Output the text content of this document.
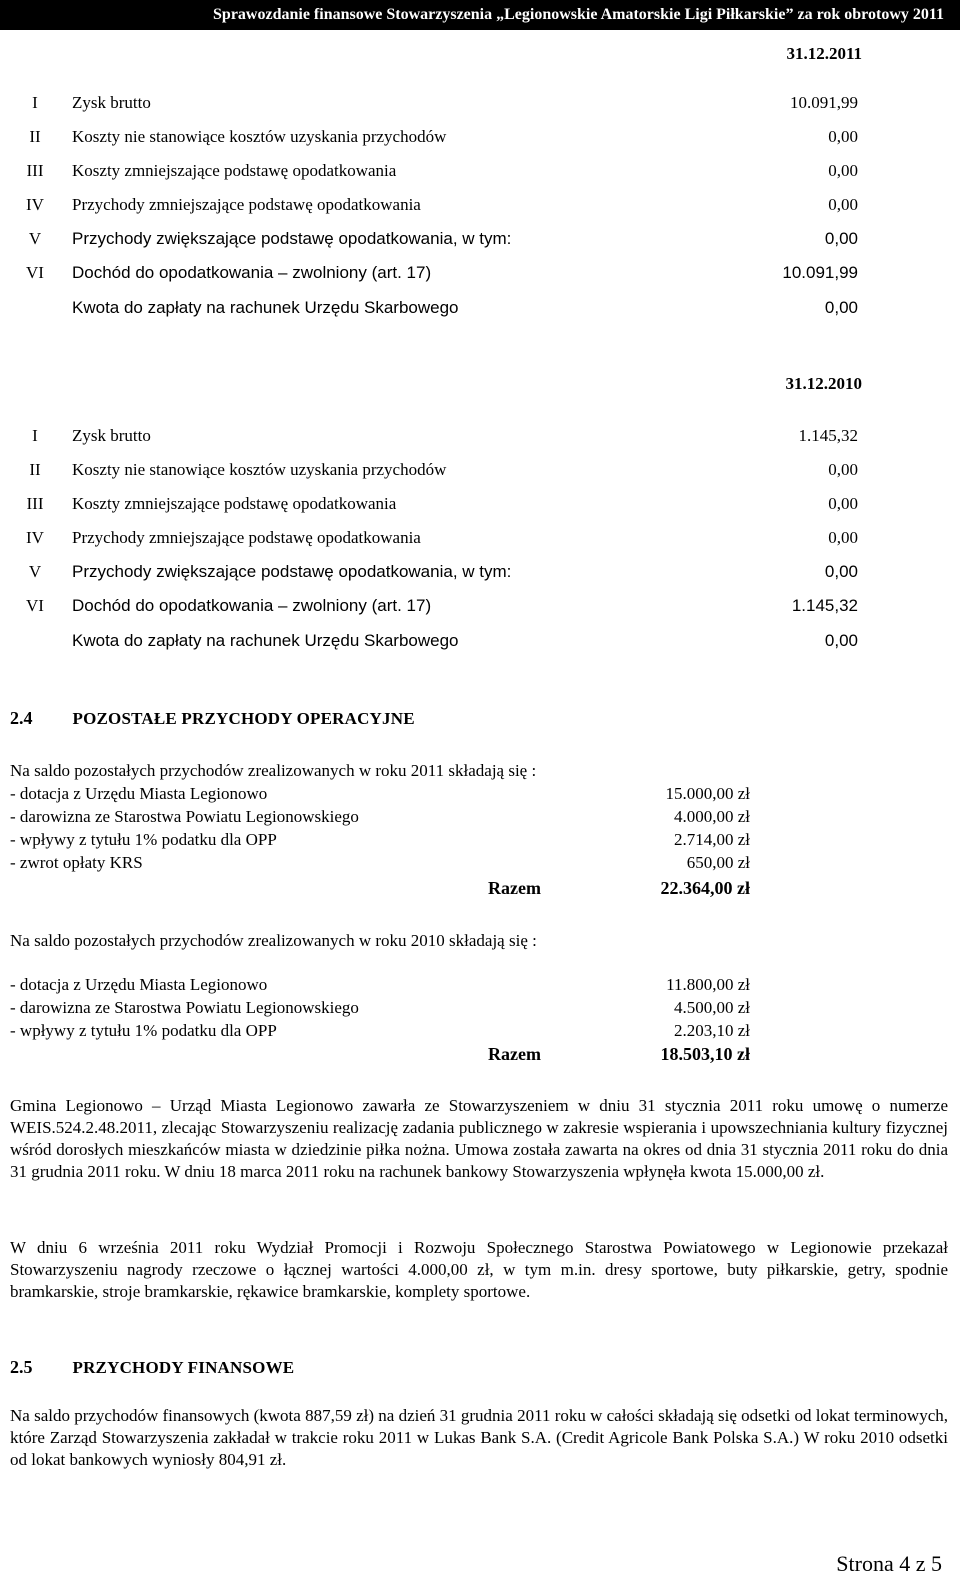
Sprawozdanie finansowe Stowarzyszenia „Legionowskie Amatorskie Ligi Piłkarskie” za rok obrotowy 2011
31.12.2011
I	Zysk brutto	10.091,99
II	Koszty nie stanowiące kosztów uzyskania przychodów	0,00
III	Koszty zmniejszające podstawę opodatkowania	0,00
IV	Przychody zmniejszające podstawę opodatkowania	0,00
V	Przychody zwiększające podstawę opodatkowania, w tym:	0,00
VI	Dochód do opodatkowania – zwolniony (art. 17)	10.091,99
Kwota do zapłaty na rachunek Urzędu Skarbowego	0,00
31.12.2010
I	Zysk brutto	1.145,32
II	Koszty nie stanowiące kosztów uzyskania przychodów	0,00
III	Koszty zmniejszające podstawę opodatkowania	0,00
IV	Przychody zmniejszające podstawę opodatkowania	0,00
V	Przychody zwiększające podstawę opodatkowania, w tym:	0,00
VI	Dochód do opodatkowania – zwolniony (art. 17)	1.145,32
Kwota do zapłaty na rachunek Urzędu Skarbowego	0,00
2.4 POZOSTAŁE PRZYCHODY OPERACYJNE
Na saldo pozostałych przychodów zrealizowanych w roku 2011 składają się :
- dotacja z Urzędu Miasta Legionowo	15.000,00 zł
- darowizna ze Starostwa Powiatu Legionowskiego	4.000,00 zł
- wpływy z tytułu 1% podatku dla OPP	2.714,00 zł
- zwrot opłaty KRS	650,00 zł
Razem	22.364,00 zł
Na saldo pozostałych przychodów zrealizowanych w roku 2010 składają się :
- dotacja z Urzędu Miasta Legionowo	11.800,00 zł
- darowizna ze Starostwa Powiatu Legionowskiego	4.500,00 zł
- wpływy z tytułu 1% podatku dla OPP	2.203,10 zł
Razem	18.503,10 zł
Gmina Legionowo – Urząd Miasta Legionowo zawarła ze Stowarzyszeniem w dniu 31 stycznia 2011 roku umowę o numerze WEIS.524.2.48.2011, zlecając Stowarzyszeniu realizację zadania publicznego w zakresie wspierania i upowszechniania kultury fizycznej wśród dorosłych mieszkańców miasta w dziedzinie piłka nożna. Umowa została zawarta na okres od dnia 31 stycznia 2011 roku do dnia 31 grudnia 2011 roku. W dniu 18 marca 2011 roku na rachunek bankowy Stowarzyszenia wpłynęła kwota 15.000,00 zł.
W dniu 6 września 2011 roku Wydział Promocji i Rozwoju Społecznego Starostwa Powiatowego w Legionowie przekazał Stowarzyszeniu nagrody rzeczowe o łącznej wartości 4.000,00 zł, w tym m.in. dresy sportowe, buty piłkarskie, getry, spodnie bramkarskie, stroje bramkarskie, rękawice bramkarskie, komplety sportowe.
2.5 PRZYCHODY FINANSOWE
Na saldo przychodów finansowych (kwota 887,59 zł) na dzień 31 grudnia 2011 roku w całości składają się odsetki od lokat terminowych, które Zarząd Stowarzyszenia zakładał w trakcie roku 2011 w Lukas Bank S.A. (Credit Agricole Bank Polska S.A.) W roku 2010 odsetki od lokat bankowych wyniosły 804,91 zł.
Strona 4 z 5
